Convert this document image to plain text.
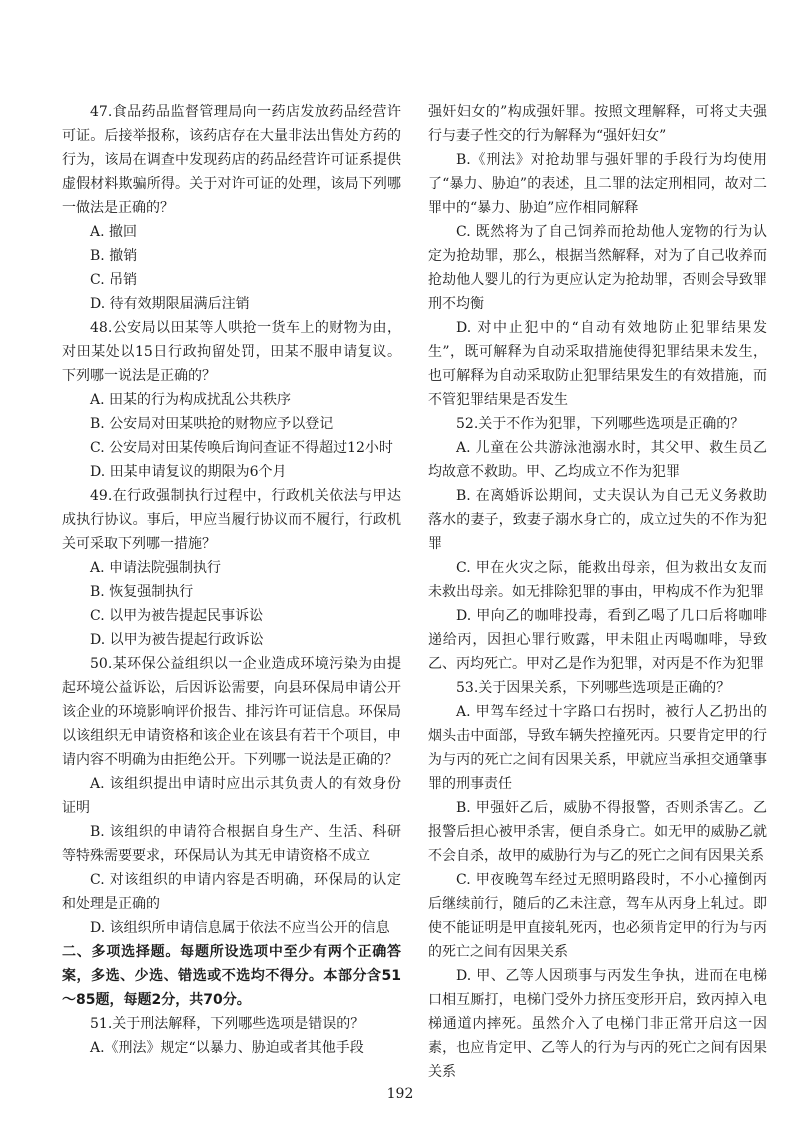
47.食品药品监督管理局向一药店发放药品经营许可证。后接举报称，该药店存在大量非法出售处方药的行为，该局在调查中发现药店的药品经营许可证系提供虚假材料欺骗所得。关于对许可证的处理，该局下列哪一做法是正确的？

A. 撤回

B. 撤销

C. 吊销

D. 待有效期限届满后注销

48.公安局以田某等人哄抢一货车上的财物为由，对田某处以15日行政拘留处罚，田某不服申请复议。下列哪一说法是正确的？

A. 田某的行为构成扰乱公共秩序

B. 公安局对田某哄抢的财物应予以登记

C. 公安局对田某传唤后询问查证不得超过12小时

D. 田某申请复议的期限为6个月

49.在行政强制执行过程中，行政机关依法与甲达成执行协议。事后，甲应当履行协议而不履行，行政机关可采取下列哪一措施？

A. 申请法院强制执行

B. 恢复强制执行

C. 以甲为被告提起民事诉讼

D. 以甲为被告提起行政诉讼

50.某环保公益组织以一企业造成环境污染为由提起环境公益诉讼，后因诉讼需要，向县环保局申请公开该企业的环境影响评价报告、排污许可证信息。环保局以该组织无申请资格和该企业在该县有若干个项目，申请内容不明确为由拒绝公开。下列哪一说法是正确的？

A. 该组织提出申请时应出示其负责人的有效身份证明

B. 该组织的申请符合根据自身生产、生活、科研等特殊需要要求，环保局认为其无申请资格不成立

C. 对该组织的申请内容是否明确，环保局的认定和处理是正确的

D. 该组织所申请信息属于依法不应当公开的信息

二、多项选择题。每题所设选项中至少有两个正确答案，多选、少选、错选或不选均不得分。本部分含51～85题，每题2分，共70分。

51.关于刑法解释，下列哪些选项是错误的？

A.《刑法》规定“以暴力、胁迫或者其他手段

强奸妇女的”构成强奸罪。按照文理解释，可将丈夫强行与妻子性交的行为解释为“强奸妇女”

B.《刑法》对抢劫罪与强奸罪的手段行为均使用了“暴力、胁迫”的表述，且二罪的法定刑相同，故对二罪中的“暴力、胁迫”应作相同解释

C. 既然将为了自己饲养而抢劫他人宠物的行为认定为抢劫罪，那么，根据当然解释，对为了自己收养而抢劫他人婴儿的行为更应认定为抢劫罪，否则会导致罪刑不均衡

D. 对中止犯中的“自动有效地防止犯罪结果发生”，既可解释为自动采取措施使得犯罪结果未发生，也可解释为自动采取防止犯罪结果发生的有效措施，而不管犯罪结果是否发生

52.关于不作为犯罪，下列哪些选项是正确的？

A. 儿童在公共游泳池溺水时，其父甲、救生员乙均故意不救助。甲、乙均成立不作为犯罪

B. 在离婚诉讼期间，丈夫误认为自己无义务救助落水的妻子，致妻子溺水身亡的，成立过失的不作为犯罪

C. 甲在火灾之际，能救出母亲，但为救出女友而未救出母亲。如无排除犯罪的事由，甲构成不作为犯罪

D. 甲向乙的咖啡投毒，看到乙喝了几口后将咖啡递给丙，因担心罪行败露，甲未阻止丙喝咖啡，导致乙、丙均死亡。甲对乙是作为犯罪，对丙是不作为犯罪

53.关于因果关系，下列哪些选项是正确的？

A. 甲驾车经过十字路口右拐时，被行人乙扔出的烟头击中面部，导致车辆失控撞死丙。只要肯定甲的行为与丙的死亡之间有因果关系，甲就应当承担交通肇事罪的刑事责任

B. 甲强奸乙后，威胁不得报警，否则杀害乙。乙报警后担心被甲杀害，便自杀身亡。如无甲的威胁乙就不会自杀，故甲的威胁行为与乙的死亡之间有因果关系

C. 甲夜晚驾车经过无照明路段时，不小心撞倒丙后继续前行，随后的乙未注意，驾车从丙身上轧过。即使不能证明是甲直接轧死丙，也必须肯定甲的行为与丙的死亡之间有因果关系

D. 甲、乙等人因琐事与丙发生争执，进而在电梯口相互厮打，电梯门受外力挤压变形开启，致丙掉入电梯通道内摔死。虽然介入了电梯门非正常开启这一因素，也应肯定甲、乙等人的行为与丙的死亡之间有因果关系

192
